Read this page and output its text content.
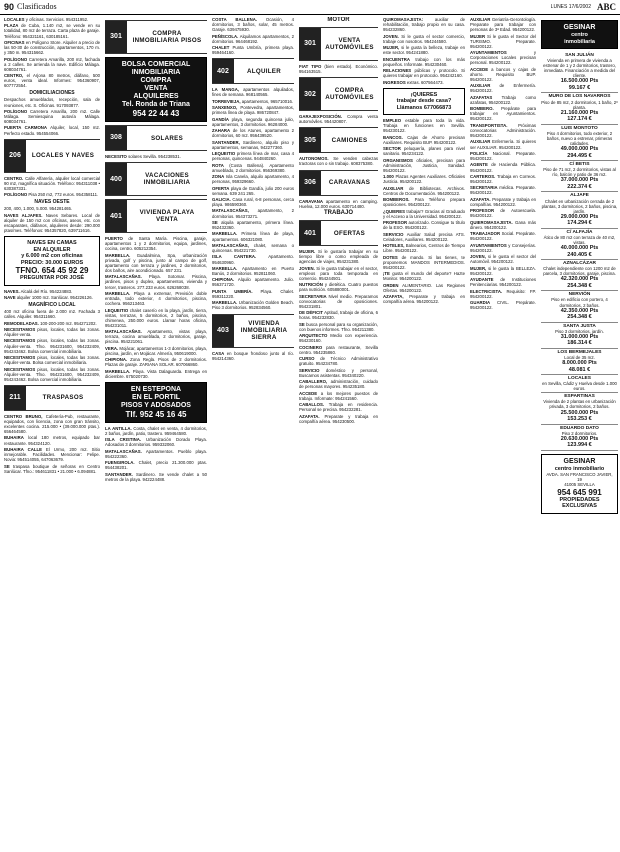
90 Clasificados	LUNES 17/6/2002 ABC
LOCALES y oficinas. Servicios. 954311952.
PLAZA de Cuba, 1.140 m2, se vende en su totalidad, 80 m2 de terraza. Carta plaza de garaje. Teléfono: 954321161, 630185161.
OFICINAS en Polígono Store. Alquiler a precio de las 50-30 de construcción, apartamentos, 170 m. y 350 m. 954315662.
POLÍGONO Carretera Amarilla, 200 m2, fachada a 2 calles. Se arrienda la nave. Edificio Málaga. 608034761.
CENTRO, el Arjona 80 metros, diáfano, 500 euros, venta ideal. Informes: 954360907, 607772554.
DOMICILIACIONES
Despachos amueblados, recepción, sala de reuniones, etc. S. Oficinas. 917093877.
POLÍGONO Carretera Amarilla, 200 m2. Calle Málaga. Semiesquina autovía Málaga. 608034761.
PUERTA CARMONA Alquiler, local, 150 m2. Perfecto estado. 954554066.
206	LOCALES Y NAVES
CENTRO. Calle Alfarería, alquiler local comercial 90 m2, magnífica situación. Teléfono: 954311038 • 630387331.
POLÍGONO Pisa 250 m2, 772 euros. 954358111.
NAVES OESTE
200, 400, 1.000, 5.000. 954281465.
NAVES ALJAFES. Naves Sebares. Local de alquiler de 150 m2 con oficinas, aseos, etc. con escaparates, diáfanos, alquileres desde: 290.000 ptas/mes. Teléfonos: 954357820, 639711616.
NAVES EN CAMAS
EN ALQUILER
y 6.000 m2 con oficinas
PRECIO: 30.000 EUROS
TFNO. 654 45 92 29
PREGUNTAR POR JOSÉ
NAVES. Alcalá del Río. 954224883.
NAVE alquiler 1000 m2. Sanlúcar. 954226126.
MAGNÍFICO LOCAL
400 m2 oficina fuera de 2.000 m2. Fachada 3 calles. Alquiler. 954311660.
REMODELADAS. 100-200-200 m2. 954271202.
NECESITAMOS pisos, locales, todas las zonas. Alquiler-venta.
NECESITAMOS pisos, locales, todas las zonas. Alquiler-venta. Tfno. 954231600, 954232409, 954243462. Bolsa comercial inmobiliaria.
NECESITAMOS pisos, locales, todas las zonas. Alquiler-venta. Bolsa comercial inmobiliaria.
NECESITAMOS pisos, locales, todas las zonas. Alquiler-venta. Tfno. 954231600, 954232409, 954243462. Bolsa comercial inmobiliaria.
211	TRASPASOS
CENTRO BRUNO, Cafetería-Pub, restaurante, equipados, con licencia, zona con gran tránsito, excelentes cocina. 215.000 • (39.000.000 ptas.). 656464580.
BUHAIRA local 180 metros, equipado bar restaurante. 954324120.
BUHAIRA CALLE El Urmo, 200 m2. Sitio inmejorable. Facilidades. Mencionar: Felipe. Novia: 954514055, 647063679.
SE traspasa boutique de señoras en Centro Sanlúcar. Tfno.: 954611831 • 21.000 • 6.094881.
301	COMPRA INMOBILIARIA PISOS
BOLSA COMERCIAL
INMOBILIARIA
COMPRA
VENTA
ALQUILERES
Tel. Ronda de Triana
954 22 44 43
308	SOLARES
NECESITO solares Sevilla. 954238531.
400	VACACIONES INMOBILIARIA
401	VIVIENDA PLAYA VENTA
PUERTO de Santa María. Piscina, garaje, apartamentos 1 y 2 dormitorios, equipa, jardines, cocina, centro. 605212354.
MARBELLA. Guadalmina, Spa, urbanización privada, golf y piscina, junto al campo de golf, apartamento con terraza y jardines, 2 dormitorios, dos baños, aire acondicionado. 657 231.
MATALASCAÑAS. Playa. Sotomar. Piscina, jardines, pisos y duplex, apartamentos, vivienda y tercer, trasteros. 277.233 euros. 626268038.
MARBELLA. Playa a extremar, Previsión doble entrada, todo exterior, 4 dormitorios, piscina, cochera. 956213463.
LEQUEITIO chalet caserío en la playa, jardín, tierra, vistas, terrazas, 5 dormitorios, 2 baños, piscina, chimenea, 250.000 euros. Llamar horas oficina, 954231011.
MATALASCAÑAS. Apartamento, vistas playa, terraza, cocina amueblada, 2 dormitorios, garaje, piscina. 954221061.
VERA. Mojácar, apartamentos 1-3 dormitorios, playa, piscina, jardín, en Mojácar. Almería, 950619000.
CHIPIONA. Zona Regla. Pisos de 2 dormitorios. Plazas de garaje. ZARIANA SOLAR. 607066860.
MARBELLA. Playa. Vista Dalaguarda. Entrega en diciembre. 675020730.
EN ESTEPONA
EN EL PORTIL
PISOS Y ADOSADOS
Tlf. 952 45 16 45
LA ANTILLA. Costa, chalet en venta, 4 dormitorios, 2 baños, jardín, patio, trastero. 959464580.
ISLA CRISTINA. Urbanización Dorado Playa. Adosados 3 dormitorios. 959332060.
MATALASCAÑAS. Apartamentos. Pueblo playa. 954222360.
FUENGIROLA. Chalet, precio 21.300.000 ptas. 954438201.
SANTANDER. Sardinero. Se vende chalet a 50 metros de la playa. 942224488.
COSTA BALLENA. Ocasión, 4 dormitorios, 3 baños, solar, 45 metros. Garaje. 639475930.
PEÑÍSCOLA. Alquilamos apartamentos, 2 dormitorios. 964468192.
CHALET Punta Umbría, primera playa. 959464160.
402	ALQUILER
LA MANGA, apartamentos alquilados, fines de semana. 968140565.
TORREVIEJA, apartamentos, 965710016.
SANXENXO, Pontevedra, apartamentos, primera línea de playa. 986720847.
GANDÍA playa, segunda quincena julio, apartamentos, 3 dormitorios. 96284000.
ZAHARA de los Atunes, apartamento 2 dormitorios, 60 m2. 956439520.
SANTANDER, Sardinero, alquilo piso y apartamentos, semanas, 942277360.
LEQUEITIO primera línea de mar, casa 4 personas, quincenas. 944840260.
ROTA (Costa Ballena). Apartamento amueblado, 2 dormitorios. 956369380.
ZONA Isla Canela, alquilo apartamento, 4 personas, 959329660.
OFERTA playa de Gandía, julio 200 euros semana. 639 241 265.
GALICIA. Casa rural, 6-8 personas, cerca playa. 986590360.
MATALASCAÑAS, apartamento, 2 dormitorios. 954373271.
SE alquila apartamento, primera línea. 952432360.
MARBELLA. Primera línea de playa, apartamentos. 606321080.
MATALASCAÑAS, chalet, semana o quincenas. 954221730.
ISLA CANTERA.	Apartamento. 954630960.
MARBELLA. Apartamento en Puerto Banús, 2 dormitorios. 952811060.
CHIPIONA. Alquilo apartamento. Julio. 956371720.
PUNTA UMBRÍA. Playa. Chalet. 959311220.
MARBELLA. Urbanización Golden Beach. Piso 3 dormitorios. 952834560.
403
VIVIENDA INMOBILIARIA SIERRA
CASA en bosque frondoso junto al río. 954214360.
MOTOR
301	VENTA AUTOMÓVILES
FIAT TIPO (bien estado). Económico. 954163515.
302	COMPRA AUTOMÓVILES
GARAJEXPOSICIÓN. Compra venta automóviles. 954420807.
305	CAMIONES
AUTONOMOS. Se venden cabezas tractoras con o sin trabajo. 608375380.
306	CARAVANAS
CARAVANA apartamento en camping. Huelva, 12.000 euros. 630714480.
TRABAJO
401	OFERTAS
MUJER. Si le gustaría trabajar en su tiempo libre o como empleada de agencias de viajes, 954231380.
JOVEN. Si le gusta trabajar en el sector, empleos para toda temporada en comercio. 954244501.
NUTRICIÓN y dietética. Cuatro puestos para nutrición. 605880001.
SECRETARIA Nivel medio. Preparamos convocatorias de oposiciones. 954231801.
DE DÉFICIT Aptitud, trabajo de oficina, 6 horas. 954232830.
SE busca personal para su organización, con buenos informes. Tfno. 954211380.
ARQUITECTO Medio con experiencia. 954230160.
COCINERO para restaurante, Sevilla centro. 954235860.
CURSO de Técnico Administrativo gratuito. 954234780.
SERVICIO doméstico y personal, Buscamos asistentas. 954340220.
CABALLERO, administración, cuidado de personas mayores. 954235180.
ACCEDE a los mejores puestos de trabajo. Informate: 954241560.
CABALLOS. Trabaja en residencia. Personal se precisa. 954232281.
AZAFATA. Preparate y trabaja en compañía aérea. 954230500.
QUIROMASAJISTA:	auxiliar de rehabilitación, trabajo propio en su casa. 954232860.
JOVEN. Si le gusta el sector comercio, trabaje con nosotros. 954244580.
MUJER, si le gusta la belleza, trabaje en este sector. 954241880.
ENCUENTRA trabajo con los más pequeños. Informate. 954230460.
RELACIONES públicas y protocolo. Si quieres trabajar en protocolo. 954242160.
INGRESOS extras. 607564473.
¡QUIERES
trabajar desde casa? Llámanos 677066873
EMPLEO estable para toda la vida. Trabaja en funciones en Sevilla. 954230122.
BANCOS. Cajas de Ahorro precisan Auxiliares. Requisito BUP. 954200122.
SECTOR peluquería, planes para nivel sanitario. 954234122.
ORGANISMOS oficiales, precisan para Administración, Justicia, Sanidad. 954200122.
1.000 Plazas Agentes Auxiliares. Oficiales Justicia. 954200122.
AUXILIAR de Bibliotecas. Archivos. Centros de Documentación. 954200122.
BOMBEROS. Para Teléfono prepara oposiciones. 954200122.
¿QUIERES trabajar? Gracias al Graduado y el Acceso a la Universidad. 954200122.
PROFESOR autorizado. Consigue tu título de la ESO. 954200122.
SERVICIO Auxiliar Salud precisa ATS. Celadores, Auxiliares. 954200122.
HOTELES, Balnearios, Centros de Tiempo Libre. 954200122.
DOTES de mando. Si las tienes, te proponemos MANDOS INTERMEDIOS. 954200122.
¡TE gusta el mundo del deporte? Hazte Monitor. 954200122.
ORDEN ALIMENTARIO. Las Regiones Ofertas. 954200122.
AZAFATA, Preparate y trabaja en compañía aérea. 954200122.
AUXILIAR Geriatría-Gerontología. Preparate para trabajar con personas de 3ª Edad. 954200122.
MUJER Si le gusta el Sector del TURISMO. Preparate. 954200122.
AYUNTAMIENTOS	y Corporaciones Locales precisan personal. 954200122.
ACCEDE a bancos y cajas de ahorro. Requisito BUP. 954200122.
AUXILIAR de Enfermería. 954200122.
AZAFATAS Trabajo como azafatas, 954200122.
BOMBERO. Prepárate para trabajar en Ayuntamientos. 954200122.
TRANSPORTISTA. Próximas convocatorias Administración. 954200122.
AUXILIAR Enfermería. Si quieres ser AUXILIAR. 954200122.
POLICÍA Nacional. Preparate. 954200122.
AGENTE de Hacienda Pública. 954200122.
CARTEROS. Trabaja en Correos. 954200122.
SECRETARIA médica. Preparate. 954200122.
AZAFATA. Preparate y trabaja en compañías. 954200122.
PROFESOR de Autoescuela. 954200122.
QUIEROMASAJISTA. Gana más dinero. 954200122.
TRABAJADOR Social. Prepárate. 954200122.
AYUNTAMIENTOS y Consejerías. 954200122.
JOVEN, si le gusta el sector del Automóvil. 954200122.
MUJER, si le gusta la BELLEZA. 954200122.
AYUDANTE de Instituciones Penitenciarias. 954200122.
ELECTRICISTA. Requisito: FP. 954200122.
GUARDIA CIVIL. Prepárate. 954200122.
GESINAR
centro
inmobiliaria
SAN JULIÁN
Vivienda en primera de vivienda a estrenar de 1 y 2 dormitorios, trastero, inmediata. Financiación a medida del cliente.
16.500.000 Pts
99.167 €
MURO DE LOS NAVARROS
Piso de 85 m2, 2 dormitorios, 1 baño, 2º planta.
21.160.000 Pts
127.174 €
LUIS MONTOTO
Piso 4 dormitorios, todo exterior, 2 baños, nuevo a estrenar, primeras calidades.
49.000.000 Pts
294.495 €
C/ BETIS
Piso de 71 m2, 2 dormitorios, vistas al río, balcón y patio de 36 m2.
37.000.000 Pts
222.374 €
ALJAFE
Chalet en urbanización cerrada de 2 plantas, 3 dormitorios, 2 baños, piscina, jardín.
29.000.000 Pts
174.294 €
C/ ALFAJÍA
Ático de 80 m2 con terraza de 40 m2, vistas.
40.000.000 Pts
240.405 €
AZNALCÁZAR
Chalet independiente con 1200 m2 de parcela, 3 dormitorios, garaje, piscina.
42.320.000 Pts
254.348 €
NERVIÓN
Piso en edificio con portero, 4 dormitorios, 2 baños.
42.350.000 Pts
254.348 €
SANTA JUSTA
Piso 3 dormitorios, jardín.
31.000.000 Pts
186.314 €
LOS BERMEJALES
Local de 35 m2.
8.000.000 Pts
48.081 €
LOCALES
en Sevilla, Cádiz y Huelva desde 1.000 euros.
ESPARTINAS
Vivienda de 2 plantas en urbanización privada, 3 dormitorios, 2 baños.
25.500.000 Pts
153.253 €
EDUARDO DATO
Piso 2 dormitorios.
20.630.000 Pts
123.994 €
GESINAR
centro inmobiliario
AVDA. SAN FRANCISCO JAVIER, 19
41005 SEVILLA
954 645 991
PROPIEDADES EXCLUSIVAS
